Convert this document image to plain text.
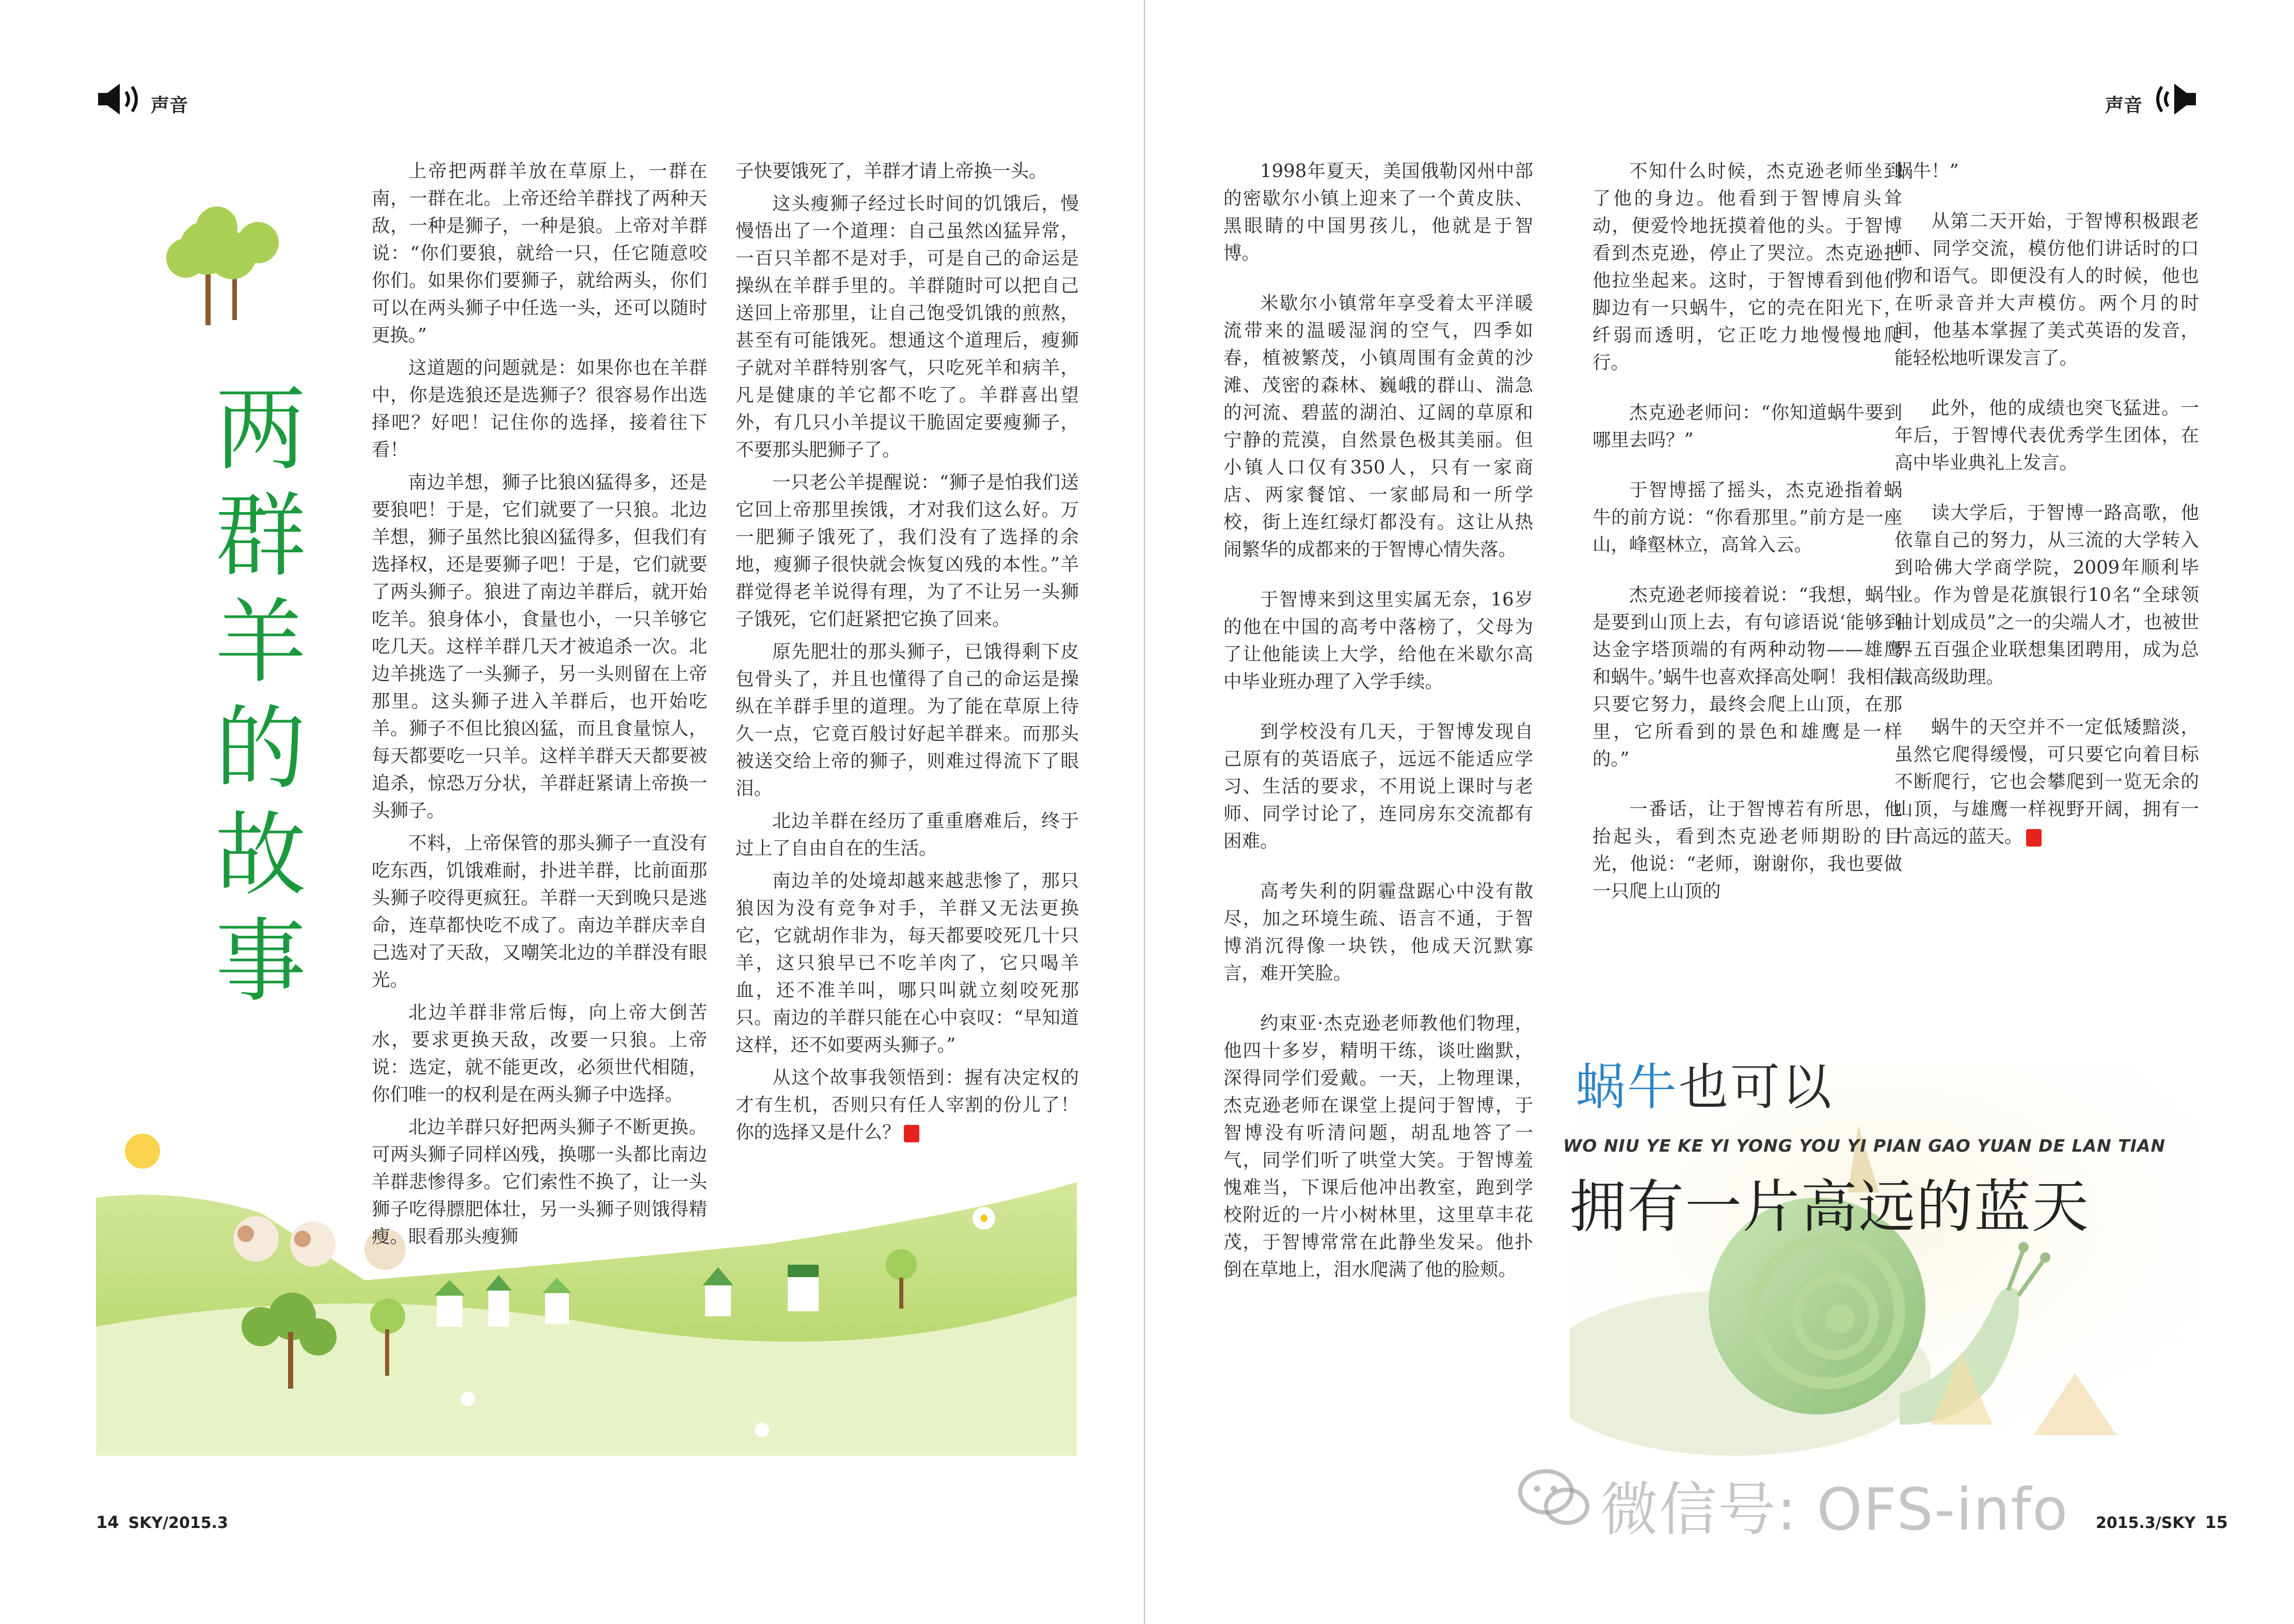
声音
两
群
羊
的
故
事

上帝把两群羊放在草原上，一群在南，一群在北。上帝还给羊群找了两种天敌，一种是狮子，一种是狼。上帝对羊群说：“你们要狼，就给一只，任它随意咬你们。如果你们要狮子，就给两头，你们可以在两头狮子中任选一头，还可以随时更换。”

这道题的问题就是：如果你也在羊群中，你是选狼还是选狮子？很容易作出选择吧？好吧！记住你的选择，接着往下看！

南边羊想，狮子比狼凶猛得多，还是要狼吧！于是，它们就要了一只狼。北边羊想，狮子虽然比狼凶猛得多，但我们有选择权，还是要狮子吧！于是，它们就要了两头狮子。狼进了南边羊群后，就开始吃羊。狼身体小，食量也小，一只羊够它吃几天。这样羊群几天才被追杀一次。北边羊挑选了一头狮子，另一头则留在上帝那里。这头狮子进入羊群后，也开始吃羊。狮子不但比狼凶猛，而且食量惊人，每天都要吃一只羊。这样羊群天天都要被追杀，惊恐万分状，羊群赶紧请上帝换一头狮子。

不料，上帝保管的那头狮子一直没有吃东西，饥饿难耐，扑进羊群，比前面那头狮子咬得更疯狂。羊群一天到晚只是逃命，连草都快吃不成了。南边羊群庆幸自己选对了天敌，又嘲笑北边的羊群没有眼光。

北边羊群非常后悔，向上帝大倒苦水，要求更换天敌，改要一只狼。上帝说：选定，就不能更改，必须世代相随，你们唯一的权利是在两头狮子中选择。

北边羊群只好把两头狮子不断更换。可两头狮子同样凶残，换哪一头都比南边羊群悲惨得多。它们索性不换了，让一头狮子吃得膘肥体壮，另一头狮子则饿得精瘦。眼看那头瘦狮

子快要饿死了，羊群才请上帝换一头。

这头瘦狮子经过长时间的饥饿后，慢慢悟出了一个道理：自己虽然凶猛异常，一百只羊都不是对手，可是自己的命运是操纵在羊群手里的。羊群随时可以把自己送回上帝那里，让自己饱受饥饿的煎熬，甚至有可能饿死。想通这个道理后，瘦狮子就对羊群特别客气，只吃死羊和病羊，凡是健康的羊它都不吃了。羊群喜出望外，有几只小羊提议干脆固定要瘦狮子，不要那头肥狮子了。

一只老公羊提醒说：“狮子是怕我们送它回上帝那里挨饿，才对我们这么好。万一肥狮子饿死了，我们没有了选择的余地，瘦狮子很快就会恢复凶残的本性。”羊群觉得老羊说得有理，为了不让另一头狮子饿死，它们赶紧把它换了回来。

原先肥壮的那头狮子，已饿得剩下皮包骨头了，并且也懂得了自己的命运是操纵在羊群手里的道理。为了能在草原上待久一点，它竟百般讨好起羊群来。而那头被送交给上帝的狮子，则难过得流下了眼泪。

北边羊群在经历了重重磨难后，终于过上了自由自在的生活。

南边羊的处境却越来越悲惨了，那只狼因为没有竞争对手，羊群又无法更换它，它就胡作非为，每天都要咬死几十只羊，这只狼早已不吃羊肉了，它只喝羊血，还不准羊叫，哪只叫就立刻咬死那只。南边的羊群只能在心中哀叹：“早知道这样，还不如要两头狮子。”

从这个故事我领悟到：握有决定权的才有生机，否则只有任人宰割的份儿了！你的选择又是什么？	:)

14 SKY/2015.3
声音

1998年夏天，美国俄勒冈州中部的密歇尔小镇上迎来了一个黄皮肤、黑眼睛的中国男孩儿，他就是于智博。

米歇尔小镇常年享受着太平洋暖流带来的温暖湿润的空气，四季如春，植被繁茂，小镇周围有金黄的沙滩、茂密的森林、巍峨的群山、湍急的河流、碧蓝的湖泊、辽阔的草原和宁静的荒漠，自然景色极其美丽。但小镇人口仅有350人，只有一家商店、两家餐馆、一家邮局和一所学校，街上连红绿灯都没有。这让从热闹繁华的成都来的于智博心情失落。

于智博来到这里实属无奈，16岁的他在中国的高考中落榜了，父母为了让他能读上大学，给他在米歇尔高中毕业班办理了入学手续。

到学校没有几天，于智博发现自己原有的英语底子，远远不能适应学习、生活的要求，不用说上课时与老师、同学讨论了，连同房东交流都有困难。

高考失利的阴霾盘踞心中没有散尽，加之环境生疏、语言不通，于智博消沉得像一块铁，他成天沉默寡言，难开笑脸。

约束亚·杰克逊老师教他们物理，他四十多岁，精明干练，谈吐幽默，深得同学们爱戴。一天，上物理课，杰克逊老师在课堂上提问于智博，于智博没有听清问题，胡乱地答了一气，同学们听了哄堂大笑。于智博羞愧难当，下课后他冲出教室，跑到学校附近的一片小树林里，这里草丰花茂，于智博常常在此静坐发呆。他扑倒在草地上，泪水爬满了他的脸颊。

不知什么时候，杰克逊老师坐到了他的身边。他看到于智博肩头耸动，便爱怜地抚摸着他的头。于智博看到杰克逊，停止了哭泣。杰克逊把他拉坐起来。这时，于智博看到他们脚边有一只蜗牛，它的壳在阳光下，纤弱而透明，它正吃力地慢慢地爬行。

杰克逊老师问：“你知道蜗牛要到哪里去吗？”

于智博摇了摇头，杰克逊指着蜗牛的前方说：“你看那里。”前方是一座山，峰壑林立，高耸入云。

杰克逊老师接着说：“我想，蜗牛是要到山顶上去，有句谚语说‘能够到达金字塔顶端的有两种动物——雄鹰和蜗牛。’蜗牛也喜欢择高处啊！我相信只要它努力，最终会爬上山顶，在那里，它所看到的景色和雄鹰是一样的。”

一番话，让于智博若有所思，他抬起头，看到杰克逊老师期盼的目光，他说：“老师，谢谢你，我也要做一只爬上山顶的

蜗牛！”

从第二天开始，于智博积极跟老师、同学交流，模仿他们讲话时的口吻和语气。即便没有人的时候，他也在听录音并大声模仿。两个月的时间，他基本掌握了美式英语的发音，能轻松地听课发言了。

此外，他的成绩也突飞猛进。一年后，于智博代表优秀学生团体，在高中毕业典礼上发言。

读大学后，于智博一路高歌，他依靠自己的努力，从三流的大学转入到哈佛大学商学院，2009年顺利毕业。作为曾是花旗银行10名“全球领袖计划成员”之一的尖端人才，也被世界五百强企业联想集团聘用，成为总裁高级助理。

蜗牛的天空并不一定低矮黯淡，虽然它爬得缓慢，可只要它向着目标不断爬行，它也会攀爬到一览无余的山顶，与雄鹰一样视野开阔，拥有一片高远的蓝天。	:)

蜗牛也可以
WO NIU YE KE YI YONG YOU YI PIAN GAO YUAN DE LAN TIAN
拥有一片高远的蓝天
微信号: OFS-info 2015.3/SKY 15
